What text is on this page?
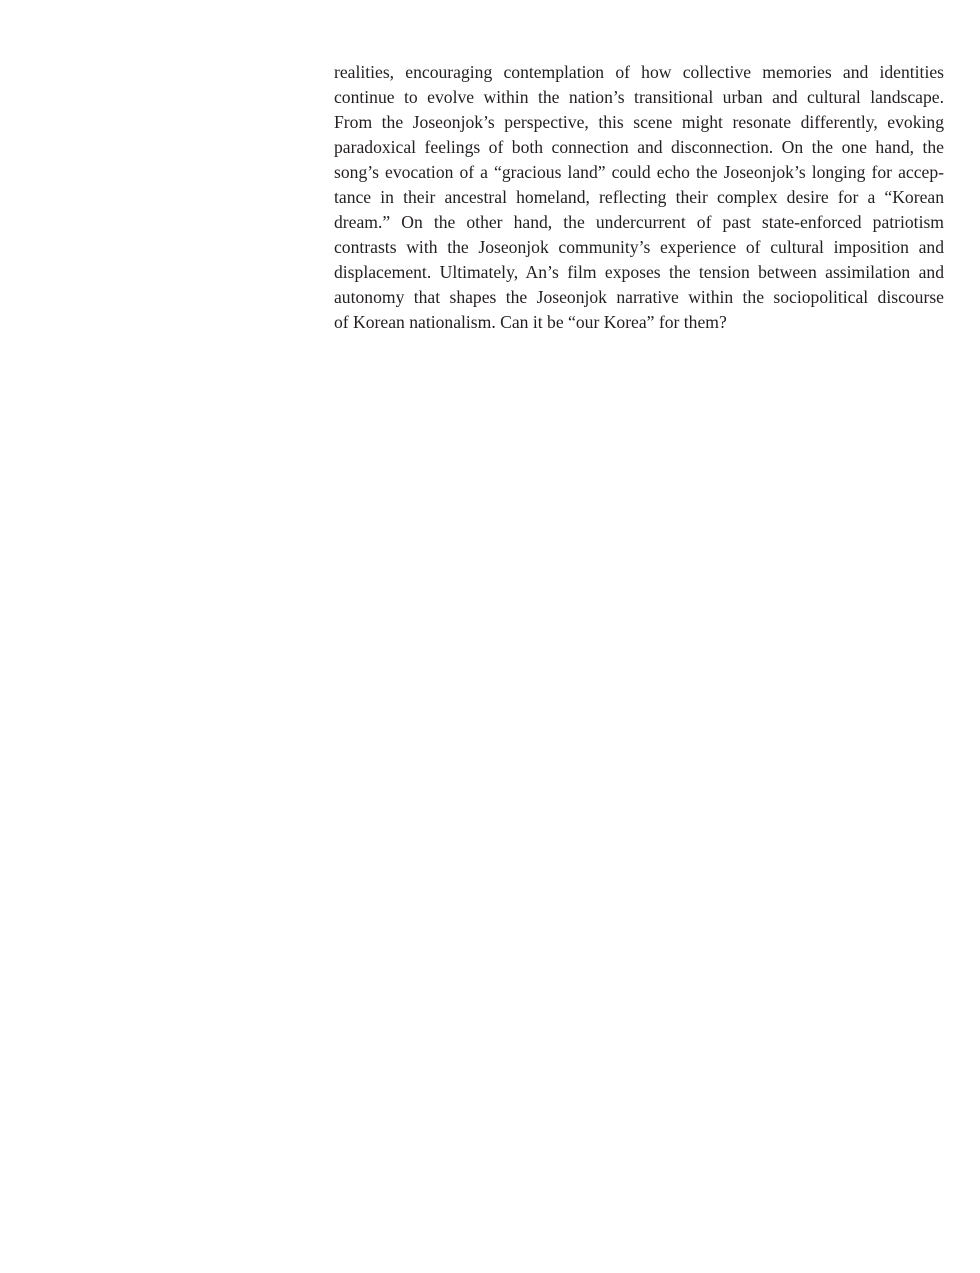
realities, encouraging contemplation of how collective memories and identities
continue to evolve within the nation’s transitional urban and cultural landscape.
From the Joseonjok’s perspective, this scene might resonate differently, evoking
paradoxical feelings of both connection and disconnection. On the one hand, the
song’s evocation of a “gracious land” could echo the Joseonjok’s longing for accep-
tance in their ancestral homeland, reflecting their complex desire for a “Korean
dream.” On the other hand, the undercurrent of past state-enforced patriotism
contrasts with the Joseonjok community’s experience of cultural imposition and
displacement. Ultimately, An’s film exposes the tension between assimilation and
autonomy that shapes the Joseonjok narrative within the sociopolitical discourse
of Korean nationalism. Can it be “our Korea” for them?
